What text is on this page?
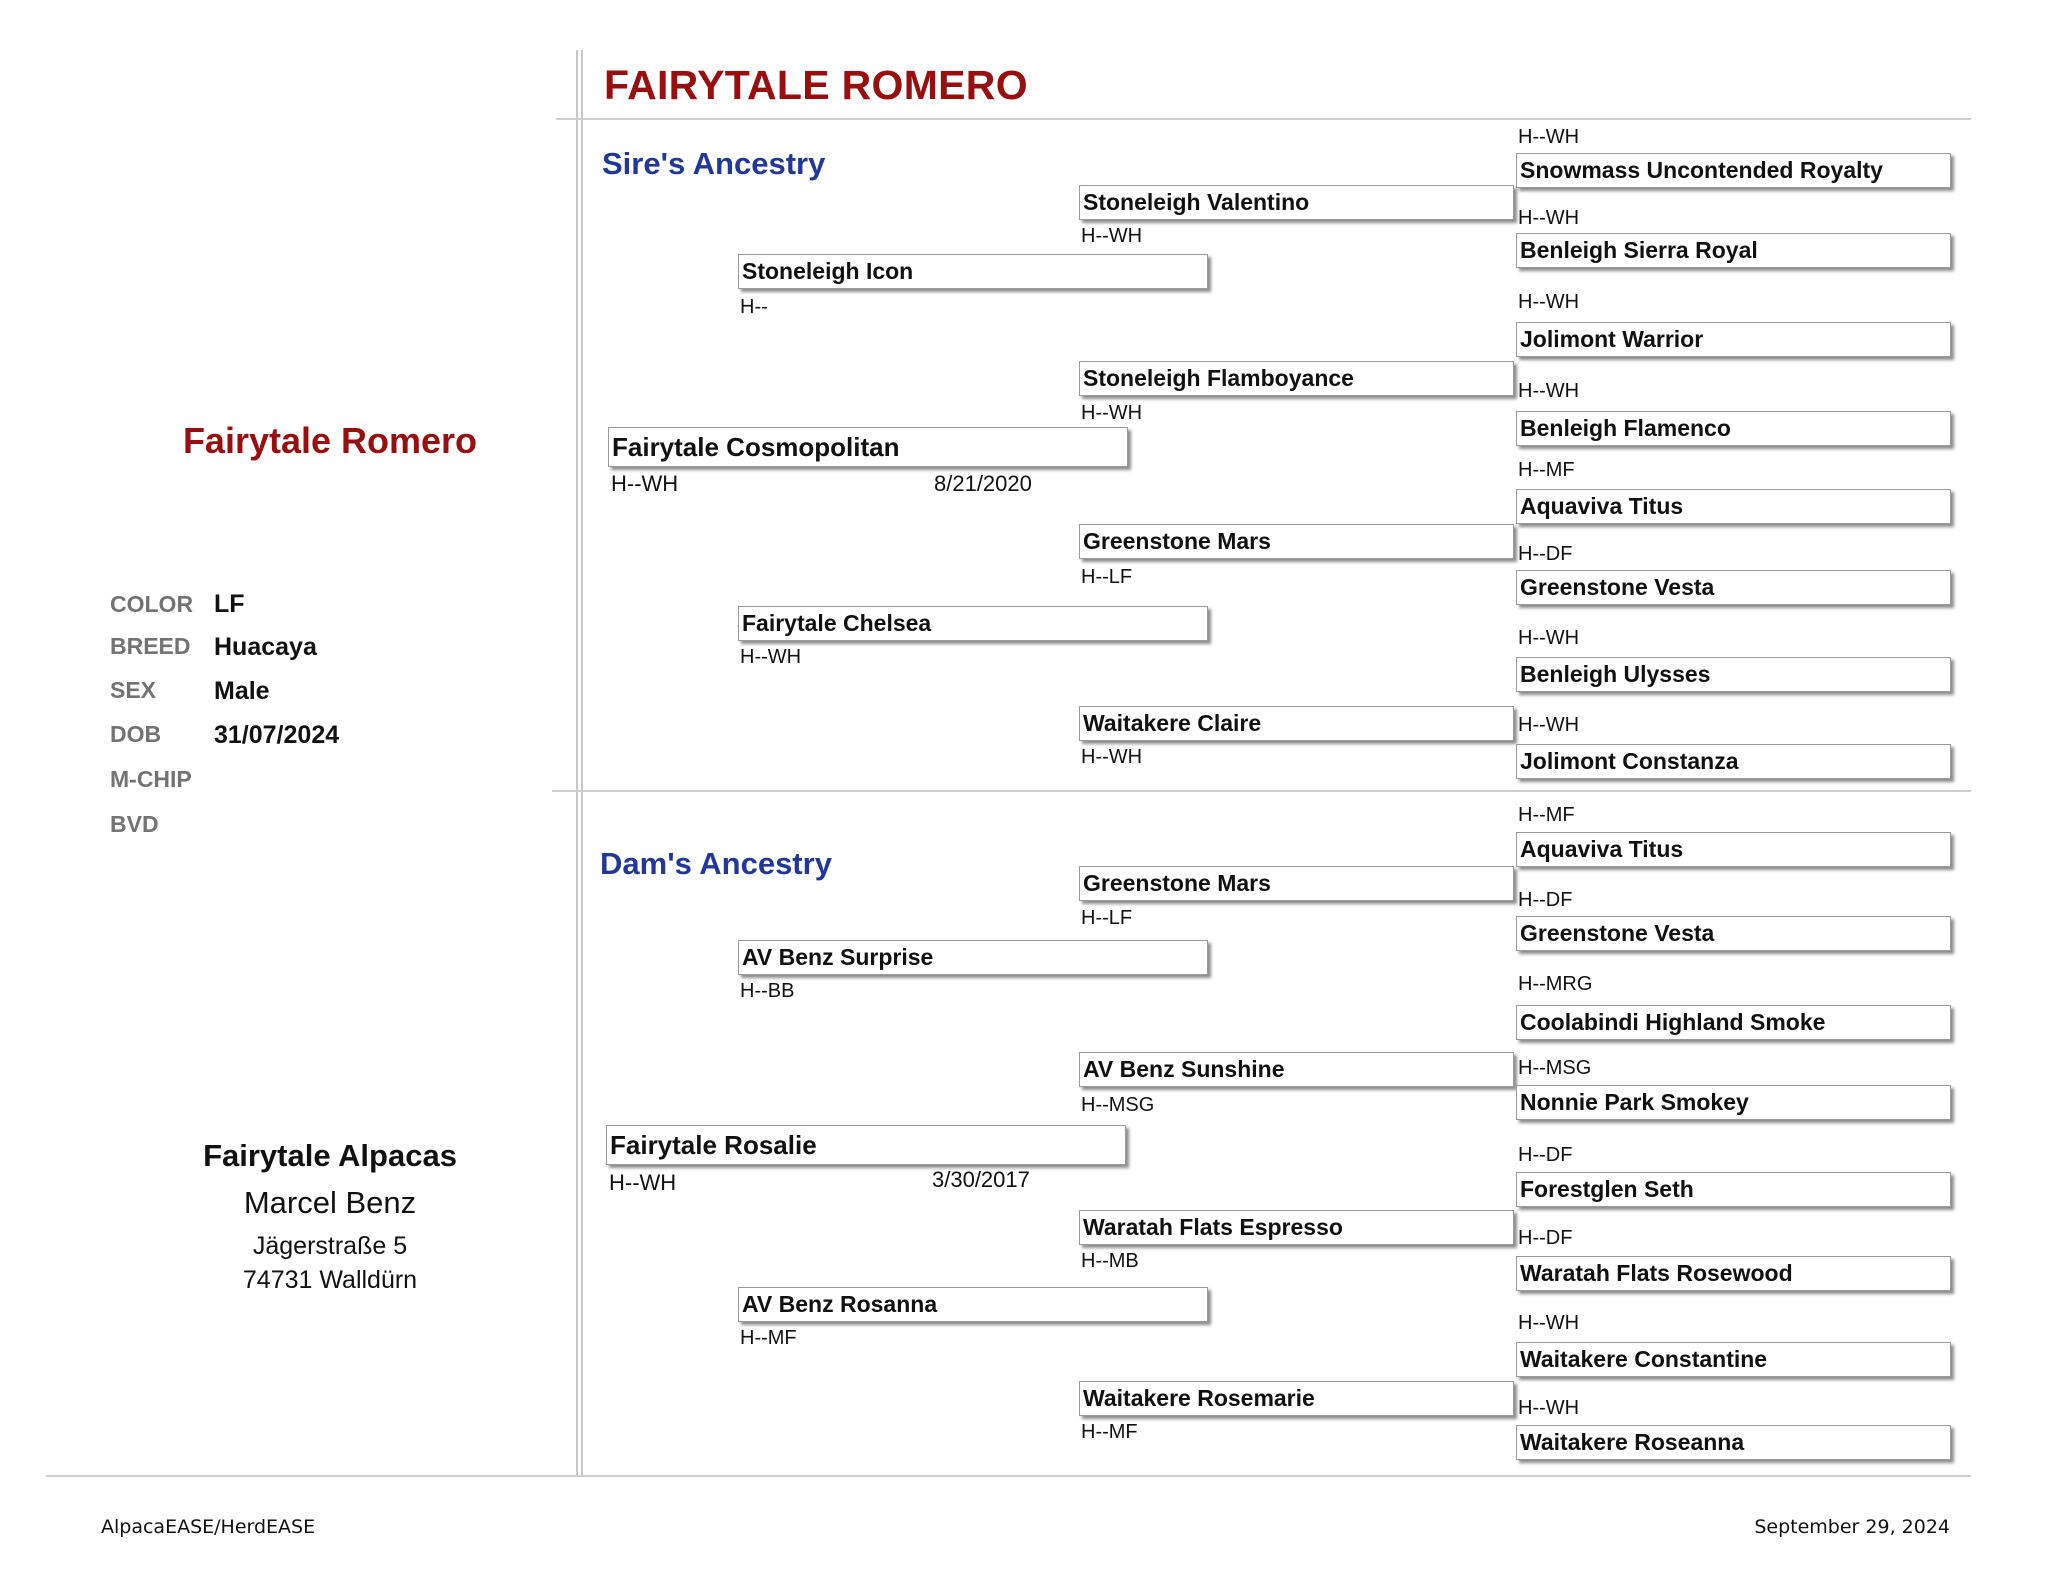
FAIRYTALE ROMERO
Sire's Ancestry
Dam's Ancestry
Fairytale Romero
COLOR LF
BREED Huacaya
SEX Male
DOB 31/07/2024
M-CHIP
BVD
Fairytale Alpacas
Marcel Benz
Jägerstraße 5
74731 Walldürn
Fairytale Cosmopolitan
H--WH	8/21/2020
Stoneleigh Icon
H--
Fairytale Chelsea
H--WH
Stoneleigh Valentino
H--WH
Stoneleigh Flamboyance
H--WH
Greenstone Mars
H--LF
Waitakere Claire
H--WH
H--WH
Snowmass Uncontended Royalty
H--WH
Benleigh Sierra Royal
H--WH
Jolimont Warrior
H--WH
Benleigh Flamenco
H--MF
Aquaviva Titus
H--DF
Greenstone Vesta
H--WH
Benleigh Ulysses
H--WH
Jolimont Constanza
Fairytale Rosalie
H--WH	3/30/2017
AV Benz Surprise
H--BB
AV Benz Rosanna
H--MF
Greenstone Mars
H--LF
AV Benz Sunshine
H--MSG
Waratah Flats Espresso
H--MB
Waitakere Rosemarie
H--MF
H--MF
Aquaviva Titus
H--DF
Greenstone Vesta
H--MRG
Coolabindi Highland Smoke
H--MSG
Nonnie Park Smokey
H--DF
Forestglen Seth
H--DF
Waratah Flats Rosewood
H--WH
Waitakere Constantine
H--WH
Waitakere Roseanna
AlpacaEASE/HerdEASE	September 29, 2024
